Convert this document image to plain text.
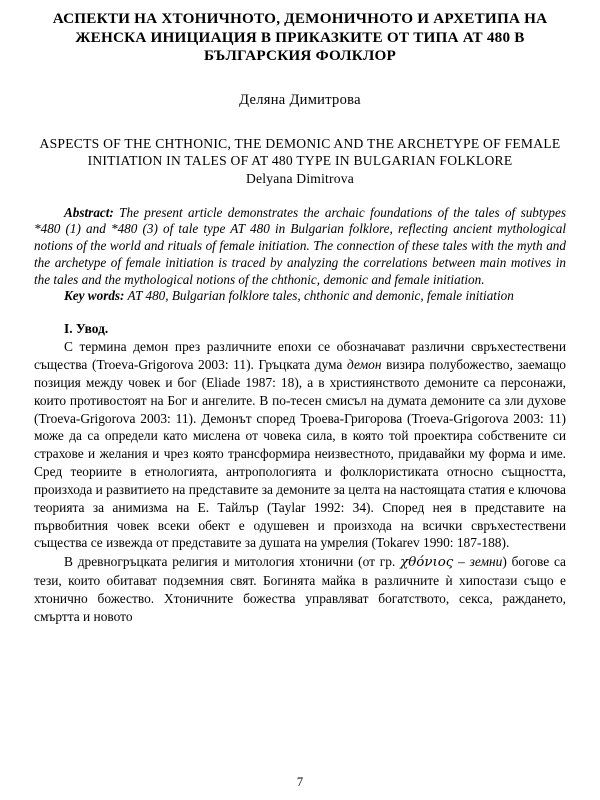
АСПЕКТИ НА ХТОНИЧНОТО, ДЕМОНИЧНОТО И АРХЕТИПА НА ЖЕНСКА ИНИЦИАЦИЯ В ПРИКАЗКИТЕ ОТ ТИПА АТ 480 В БЪЛГАРСКИЯ ФОЛКЛОР
Деляна Димитрова
ASPECTS OF THE CHTHONIC, THE DEMONIC AND THE ARCHETYPE OF FEMALE INITIATION IN TALES OF AT 480 TYPE IN BULGARIAN FOLKLORE
Delyana Dimitrova
Abstract: The present article demonstrates the archaic foundations of the tales of subtypes *480 (1) and *480 (3) of tale type AT 480 in Bulgarian folklore, reflecting ancient mythological notions of the world and rituals of female initiation. The connection of these tales with the myth and the archetype of female initiation is traced by analyzing the correlations between main motives in the tales and the mythological notions of the chthonic, demonic and female initiation.
Key words: AT 480, Bulgarian folklore tales, chthonic and demonic, female initiation
I. Увод.
С термина демон през различните епохи се обозначават различни свръхестествени същества (Troeva-Grigorova 2003: 11). Гръцката дума демон визира полубожество, заемащо позиция между човек и бог (Eliade 1987: 18), а в християнството демоните са персонажи, които противостоят на Бог и ангелите. В по-тесен смисъл на думата демоните са зли духове (Troeva-Grigorova 2003: 11). Демонът според Троева-Григорова (Troeva-Grigorova 2003: 11) може да са определи като мислена от човека сила, в която той проектира собствените си страхове и желания и чрез която трансформира неизвестното, придавайки му форма и име. Сред теориите в етнологията, антропологията и фолклористиката относно същността, произхода и развитието на представите за демоните за целта на настоящата статия е ключова теорията за анимизма на Е. Тайлър (Taylar 1992: 34). Според нея в представите на първобитния човек всеки обект е одушевен и произхода на всички свръхестествени същества се извежда от представите за душата на умрелия (Tokarev 1990: 187-188).
В древногръцката религия и митология хтонични (от гр. χθóνιoς – земни) богове са тези, които обитават подземния свят. Богинята майка в различните ѝ хипостази също е хтонично божество. Хтоничните божества управляват богатството, секса, раждането, смъртта и новото
7
